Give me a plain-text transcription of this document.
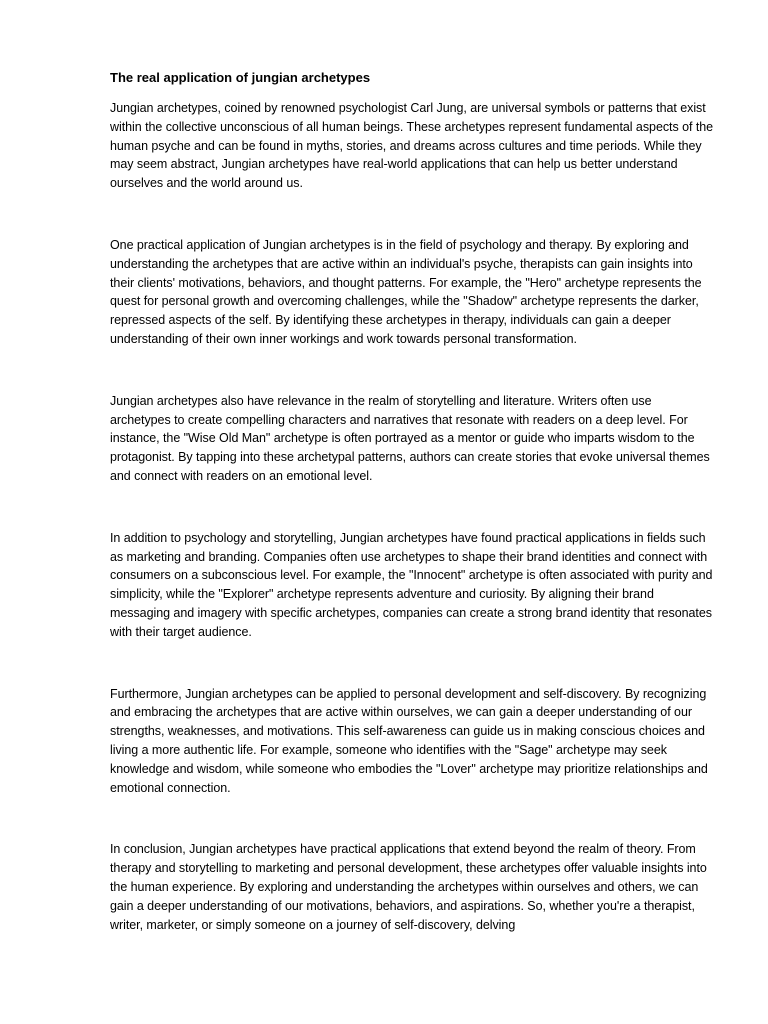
The real application of jungian archetypes

Jungian archetypes, coined by renowned psychologist Carl Jung, are universal symbols or patterns that exist within the collective unconscious of all human beings. These archetypes represent fundamental aspects of the human psyche and can be found in myths, stories, and dreams across cultures and time periods. While they may seem abstract, Jungian archetypes have real-world applications that can help us better understand ourselves and the world around us.

One practical application of Jungian archetypes is in the field of psychology and therapy. By exploring and understanding the archetypes that are active within an individual's psyche, therapists can gain insights into their clients' motivations, behaviors, and thought patterns. For example, the "Hero" archetype represents the quest for personal growth and overcoming challenges, while the "Shadow" archetype represents the darker, repressed aspects of the self. By identifying these archetypes in therapy, individuals can gain a deeper understanding of their own inner workings and work towards personal transformation.

Jungian archetypes also have relevance in the realm of storytelling and literature. Writers often use archetypes to create compelling characters and narratives that resonate with readers on a deep level. For instance, the "Wise Old Man" archetype is often portrayed as a mentor or guide who imparts wisdom to the protagonist. By tapping into these archetypal patterns, authors can create stories that evoke universal themes and connect with readers on an emotional level.

In addition to psychology and storytelling, Jungian archetypes have found practical applications in fields such as marketing and branding. Companies often use archetypes to shape their brand identities and connect with consumers on a subconscious level. For example, the "Innocent" archetype is often associated with purity and simplicity, while the "Explorer" archetype represents adventure and curiosity. By aligning their brand messaging and imagery with specific archetypes, companies can create a strong brand identity that resonates with their target audience.

Furthermore, Jungian archetypes can be applied to personal development and self-discovery. By recognizing and embracing the archetypes that are active within ourselves, we can gain a deeper understanding of our strengths, weaknesses, and motivations. This self-awareness can guide us in making conscious choices and living a more authentic life. For example, someone who identifies with the "Sage" archetype may seek knowledge and wisdom, while someone who embodies the "Lover" archetype may prioritize relationships and emotional connection.

In conclusion, Jungian archetypes have practical applications that extend beyond the realm of theory. From therapy and storytelling to marketing and personal development, these archetypes offer valuable insights into the human experience. By exploring and understanding the archetypes within ourselves and others, we can gain a deeper understanding of our motivations, behaviors, and aspirations. So, whether you're a therapist, writer, marketer, or simply someone on a journey of self-discovery, delving
